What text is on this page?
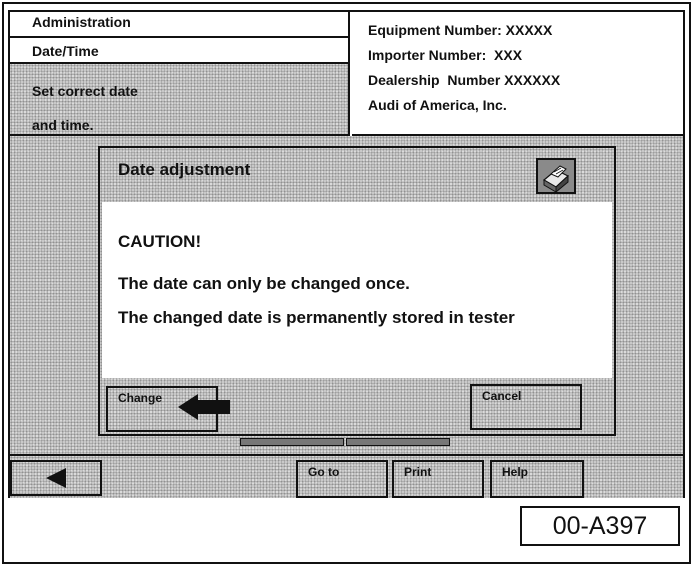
Administration
Date/Time
Set correct date
and time.
Equipment Number: XXXXX
Importer Number:  XXX
Dealership  Number XXXXXX
Audi of America, Inc.
Date adjustment

CAUTION!

The date can only be changed once.

The changed date is permanently stored in tester

Change	Cancel
Go to	Print	Help
00-A397
